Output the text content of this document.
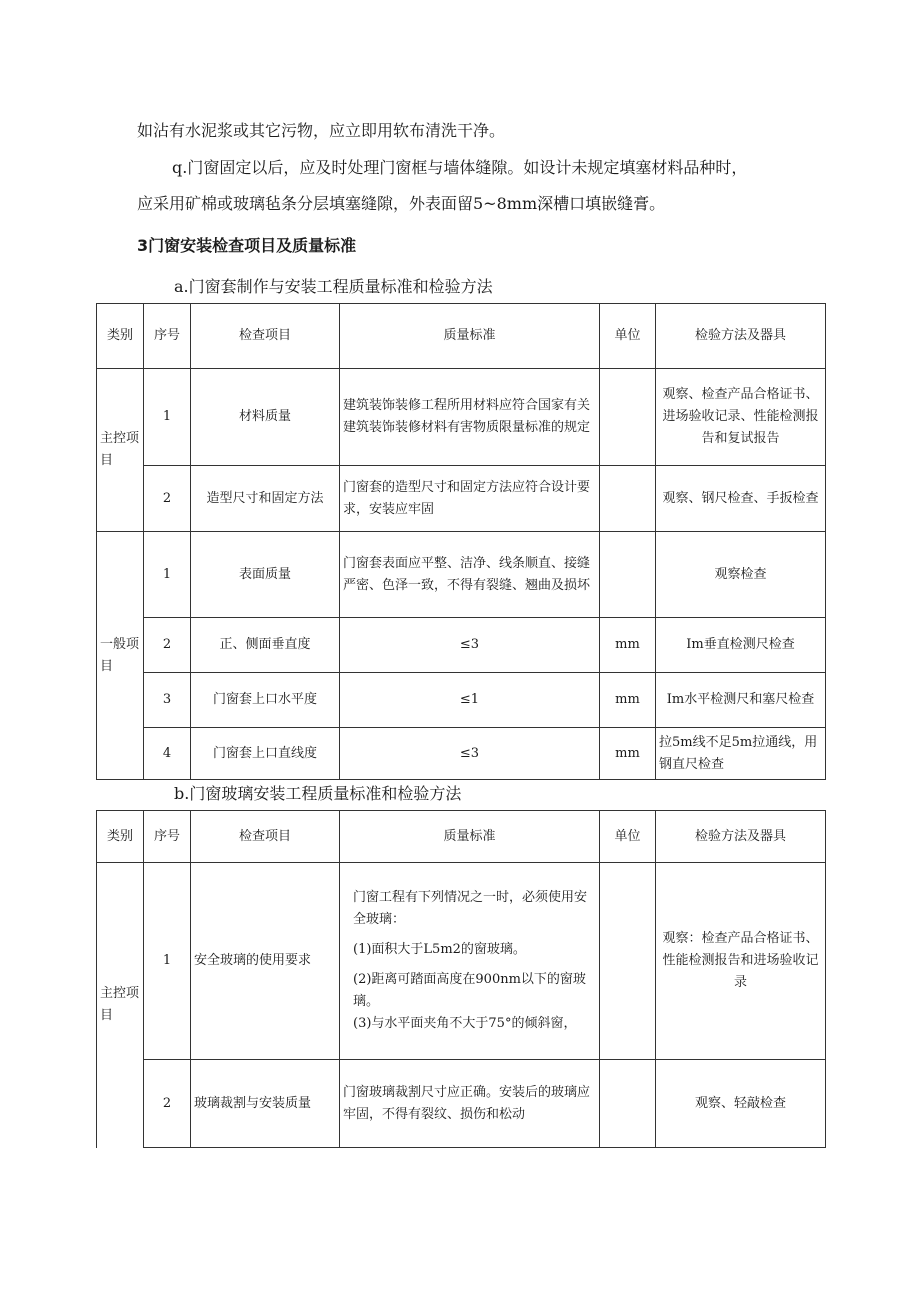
如沾有水泥浆或其它污物，应立即用软布清洗干净。
q.门窗固定以后，应及时处理门窗框与墙体缝隙。如设计未规定填塞材料品种时，
应采用矿棉或玻璃毡条分层填塞缝隙，外表面留5~8mm深槽口填嵌缝膏。
3门窗安装检查项目及质量标准
a.门窗套制作与安装工程质量标准和检验方法
类别	序号	检查项目	质量标准	单位	检验方法及器具
主控项目	1	材料质量	建筑装饰装修工程所用材料应符合国家有关建筑装饰装修材料有害物质限量标准的规定		观察、检查产品合格证书、进场验收记录、性能检测报告和复试报告
	2	造型尺寸和固定方法	门窗套的造型尺寸和固定方法应符合设计要求，安装应牢固		观察、钢尺检查、手扳检查
一般项目	1	表面质量	门窗套表面应平整、洁净、线条顺直、接缝严密、色泽一致，不得有裂缝、翘曲及损坏		观察检查
	2	正、侧面垂直度	≤3	mm	Im垂直检测尺检查
	3	门窗套上口水平度	≤1	mm	Im水平检测尺和塞尺检查
	4	门窗套上口直线度	≤3	mm	拉5m线不足5m拉通线，用钢直尺检查
b.门窗玻璃安装工程质量标准和检验方法
类别	序号	检查项目	质量标准	单位	检验方法及器具
主控项目	1	安全玻璃的使用要求	门窗工程有下列情况之一时，必须使用安全玻璃：
(1)面积大于L5m2的窗玻璃。
(2)距离可踏面高度在900nm以下的窗玻璃。
(3)与水平面夹角不大于75°的倾斜窗，		观察：检查产品合格证书、性能检测报告和进场验收记录
	2	玻璃裁割与安装质量	门窗玻璃裁割尺寸应正确。安装后的玻璃应牢固，不得有裂纹、损伤和松动		观察、轻敲检查
